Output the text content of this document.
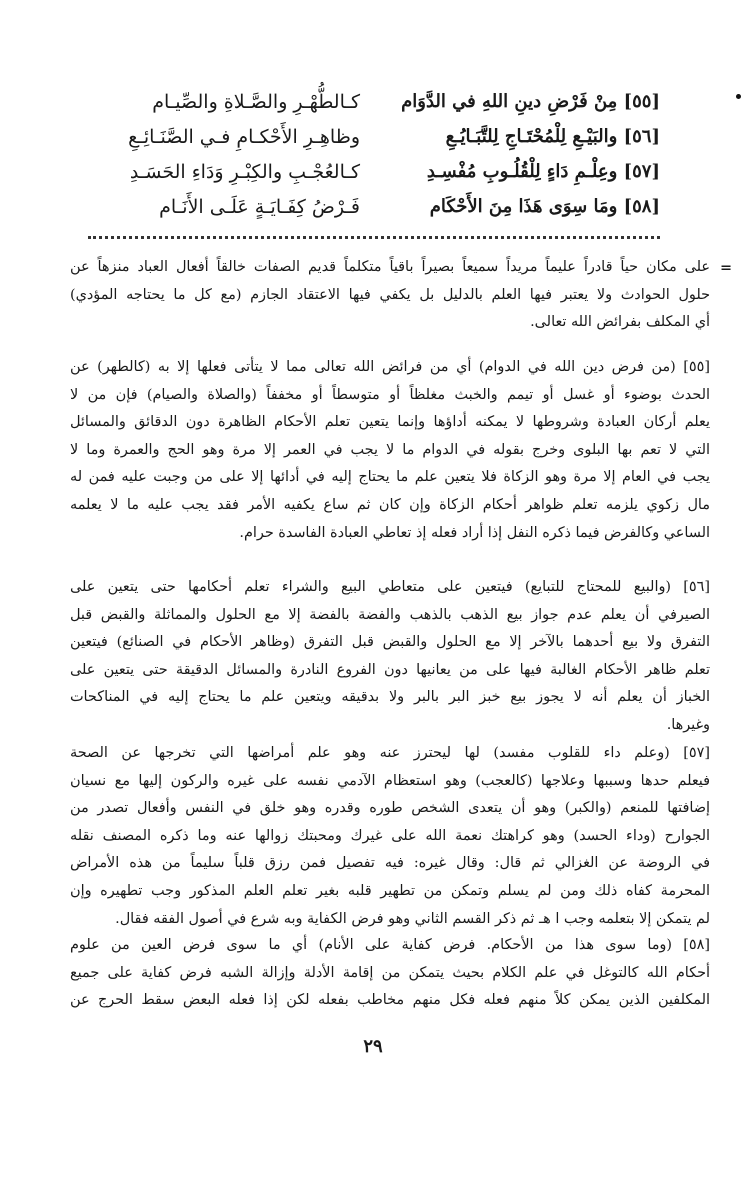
[٥٥] مِنْ فَرْضِ دينِ اللهِ في الدَّوَام
كـالطُّهْـرِ والصَّـلاةِ والصِّيـام
[٥٦] والبَيْـعِ لِلْمُحْتَـاجِ لِلتَّبَـايُـعِ
وظاهِـرِ الأَحْكـامِ فـي الصَّنَـائِـعِ
[٥٧] وعِلْـمِ دَاءٍ لِلْقُلُـوبِ مُفْسِـدِ
كـالعُجْـبِ والكِبْـرِ وَدَاءِ الحَسَـدِ
[٥٨] ومَا سِوَى هَذَا مِنَ الأَحْكَام
فَـرْضُ كِفَـايَـةٍ عَلَـى الأَنَـام
=
على مكان حياً قادراً عليماً مريداً سميعاً بصيراً باقياً متكلماً قديم الصفات خالقاً أفعال العباد منزهاً عن
حلول الحوادث ولا يعتبر فيها العلم بالدليل بل يكفي فيها الاعتقاد الجازم (مع كل ما يحتاجه المؤدي)
أي المكلف بفرائض الله تعالى.
[٥٥] (من فرض دين الله في الدوام) أي من فرائض الله تعالى مما لا يتأتى فعلها إلا به (كالطهر) عن
الحدث بوضوء أو غسل أو تيمم والخبث مغلظاً أو متوسطاً أو مخففاً (والصلاة والصيام) فإن من لا
يعلم أركان العبادة وشروطها لا يمكنه أداؤها وإنما يتعين تعلم الأحكام الظاهرة دون الدقائق والمسائل
التي لا تعم بها البلوى وخرج بقوله في الدوام ما لا يجب في العمر إلا مرة وهو الحج والعمرة وما لا
يجب في العام إلا مرة وهو الزكاة فلا يتعين علم ما يحتاج إليه في أدائها إلا على من وجبت عليه فمن له
مال زكوي يلزمه تعلم ظواهر أحكام الزكاة وإن كان ثم ساع يكفيه الأمر فقد يجب عليه ما لا يعلمه
الساعي وكالفرض فيما ذكره النفل إذا أراد فعله إذ تعاطي العبادة الفاسدة حرام.
[٥٦] (والبيع للمحتاج للتبايع) فيتعين على متعاطي البيع والشراء تعلم أحكامها حتى يتعين على
الصيرفي أن يعلم عدم جواز بيع الذهب بالذهب والفضة بالفضة إلا مع الحلول والمماثلة والقبض قبل
التفرق ولا بيع أحدهما بالآخر إلا مع الحلول والقبض قبل التفرق (وظاهر الأحكام في الصنائع) فيتعين
تعلم ظاهر الأحكام الغالبة فيها على من يعانيها دون الفروع النادرة والمسائل الدقيقة حتى يتعين على
الخباز أن يعلم أنه لا يجوز بيع خبز البر بالبر ولا بدقيقه ويتعين علم ما يحتاج إليه في المناكحات
وغيرها.
[٥٧] (وعلم داء للقلوب مفسد) لها ليحترز عنه وهو علم أمراضها التي تخرجها عن الصحة
فيعلم حدها وسببها وعلاجها (كالعجب) وهو استعظام الآدمي نفسه على غيره والركون إليها مع نسيان
إضافتها للمنعم (والكبر) وهو أن يتعدى الشخص طوره وقدره وهو خلق في النفس وأفعال تصدر من
الجوارح (وداء الحسد) وهو كراهتك نعمة الله على غيرك ومحبتك زوالها عنه وما ذكره المصنف نقله
في الروضة عن الغزالي ثم قال: وقال غيره: فيه تفصيل فمن رزق قلباً سليماً من هذه الأمراض
المحرمة كفاه ذلك ومن لم يسلم وتمكن من تطهير قلبه بغير تعلم العلم المذكور وجب تطهيره وإن
لم يتمكن إلا بتعلمه وجب ا هـ ثم ذكر القسم الثاني وهو فرض الكفاية وبه شرع في أصول الفقه فقال.
[٥٨] (وما سوى هذا من الأحكام. فرض كفاية على الأنام) أي ما سوى فرض العين من علوم
أحكام الله كالتوغل في علم الكلام بحيث يتمكن من إقامة الأدلة وإزالة الشبه فرض كفاية على جميع
المكلفين الذين يمكن كلاً منهم فعله فكل منهم مخاطب بفعله لكن إذا فعله البعض سقط الحرج عن
٢٩
